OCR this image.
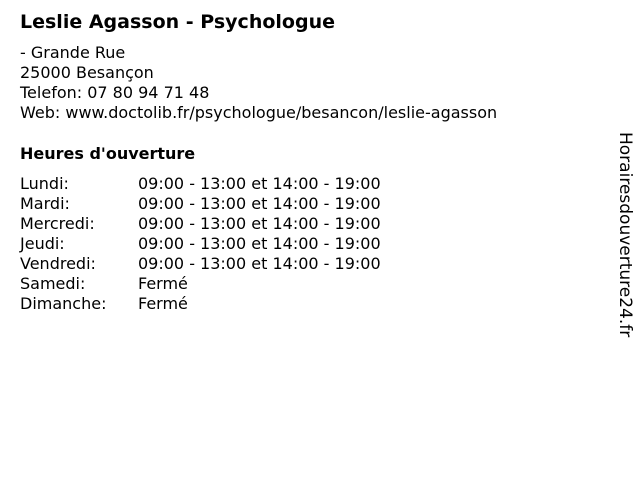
Leslie Agasson - Psychologue
- Grande Rue
25000 Besançon
Telefon: 07 80 94 71 48
Web: www.doctolib.fr/psychologue/besancon/leslie-agasson
Heures d'ouverture
Lundi:	09:00 - 13:00 et 14:00 - 19:00
Mardi:	09:00 - 13:00 et 14:00 - 19:00
Mercredi:	09:00 - 13:00 et 14:00 - 19:00
Jeudi:	09:00 - 13:00 et 14:00 - 19:00
Vendredi:	09:00 - 13:00 et 14:00 - 19:00
Samedi:	Fermé
Dimanche:	Fermé	Horairesdouverture24.fr
